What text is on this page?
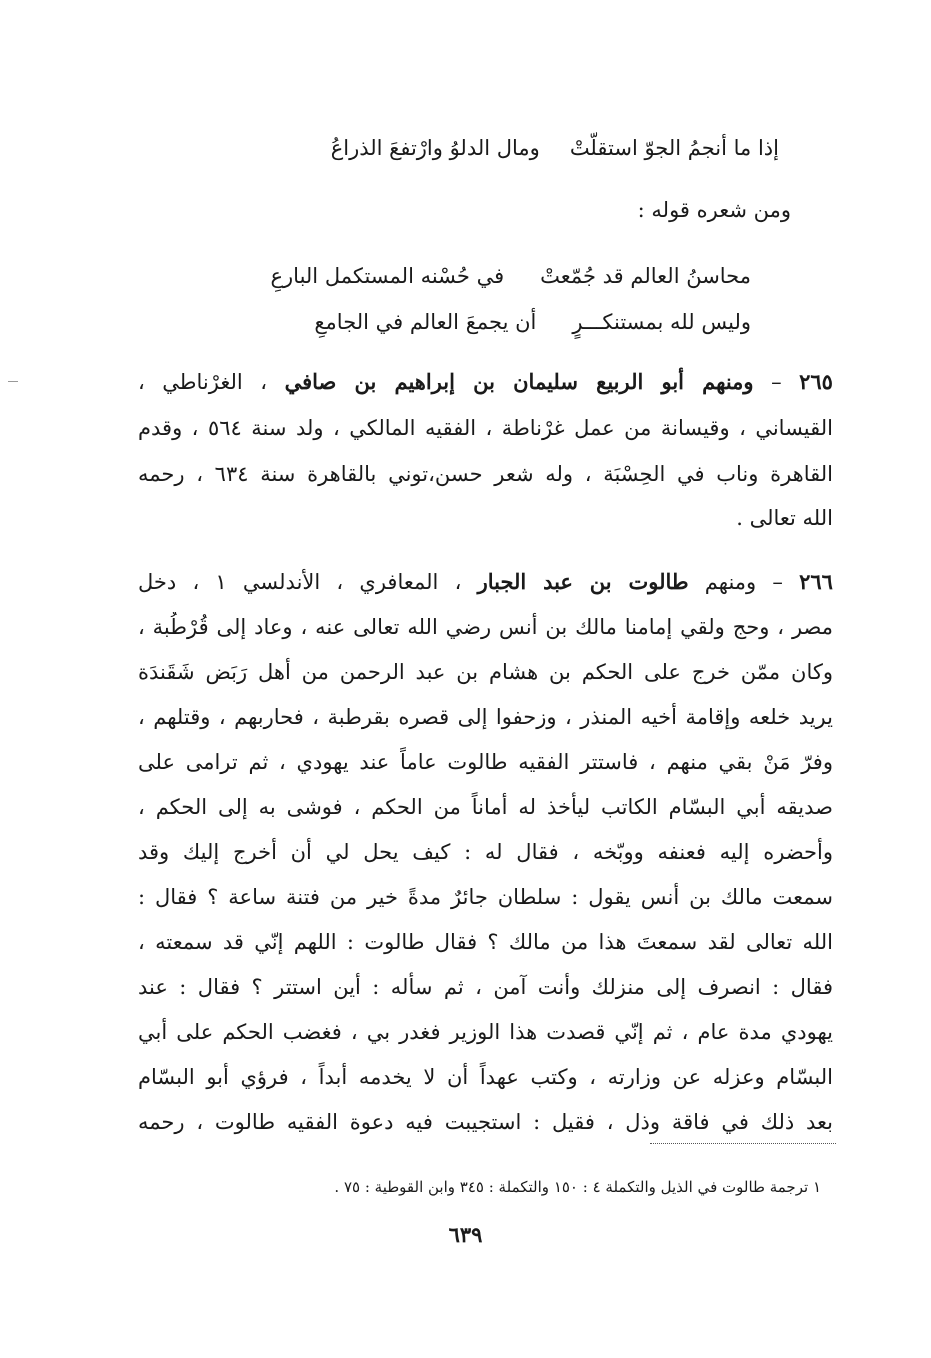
إذا ما أنجمُ الجوّ استقلّتْ
ومال الدلوُ وارْتفعَ الذراعُ
ومن شعره قوله :
محاسنُ العالم قد جُمّعتْ
في حُسْنه المستكمل البارعِ
وليس لله بمستنكـــرٍ
أن يجمعَ العالم في الجامعِ
٢٦٥ – ومنهم أبو الربيع سليمان بن إبراهيم بن صافي ، الغرْناطي ،
القيساني ، وقيسانة من عمل غرْناطة ، الفقيه المالكي ، ولد سنة ٥٦٤ ، وقدم
القاهرة وناب في الحِسْبَة ، وله شعر حسن،توني بالقاهرة سنة ٦٣٤ ، رحمه
الله تعالى .
٢٦٦ – ومنهم طالوت بن عبد الجبار ، المعافري ، الأندلسي ١ ، دخل
مصر ، وحج ولقي إمامنا مالك بن أنس رضي الله تعالى عنه ، وعاد إلى قُرْطُبة ،
وكان ممّن خرج على الحكم بن هشام بن عبد الرحمن من أهل رَبَض شَقَندَة
يريد خلعه وإقامة أخيه المنذر ، وزحفوا إلى قصره بقرطبة ، فحاربهم ، وقتلهم ،
وفرّ مَنْ بقي منهم ، فاستتر الفقيه طالوت عاماً عند يهودي ، ثم ترامى على
صديقه أبي البسّام الكاتب ليأخذ له أماناً من الحكم ، فوشى به إلى الحكم ،
وأحضره إليه فعنفه ووبّخه ، فقال له : كيف يحل لي أن أخرج إليك وقد
سمعت مالك بن أنس يقول : سلطان جائرٌ مدةً خير من فتنة ساعة ؟ فقال :
الله تعالى لقد سمعتَ هذا من مالك ؟ فقال طالوت : اللهم إنّي قد سمعته ،
فقال : انصرف إلى منزلك وأنت آمن ، ثم سأله : أين استتر ؟ فقال : عند
يهودي مدة عام ، ثم إنّي قصدت هذا الوزير فغدر بي ، فغضب الحكم على أبي
البسّام وعزله عن وزارته ، وكتب عهداً أن لا يخدمه أبداً ، فرؤي أبو البسّام
بعد ذلك في فاقة وذل ، فقيل : استجيبت فيه دعوة الفقيه طالوت ، رحمه
١ ترجمة طالوت في الذيل والتكملة ٤ : ١٥٠ والتكملة : ٣٤٥ وابن القوطية : ٧٥ .
٦٣٩
